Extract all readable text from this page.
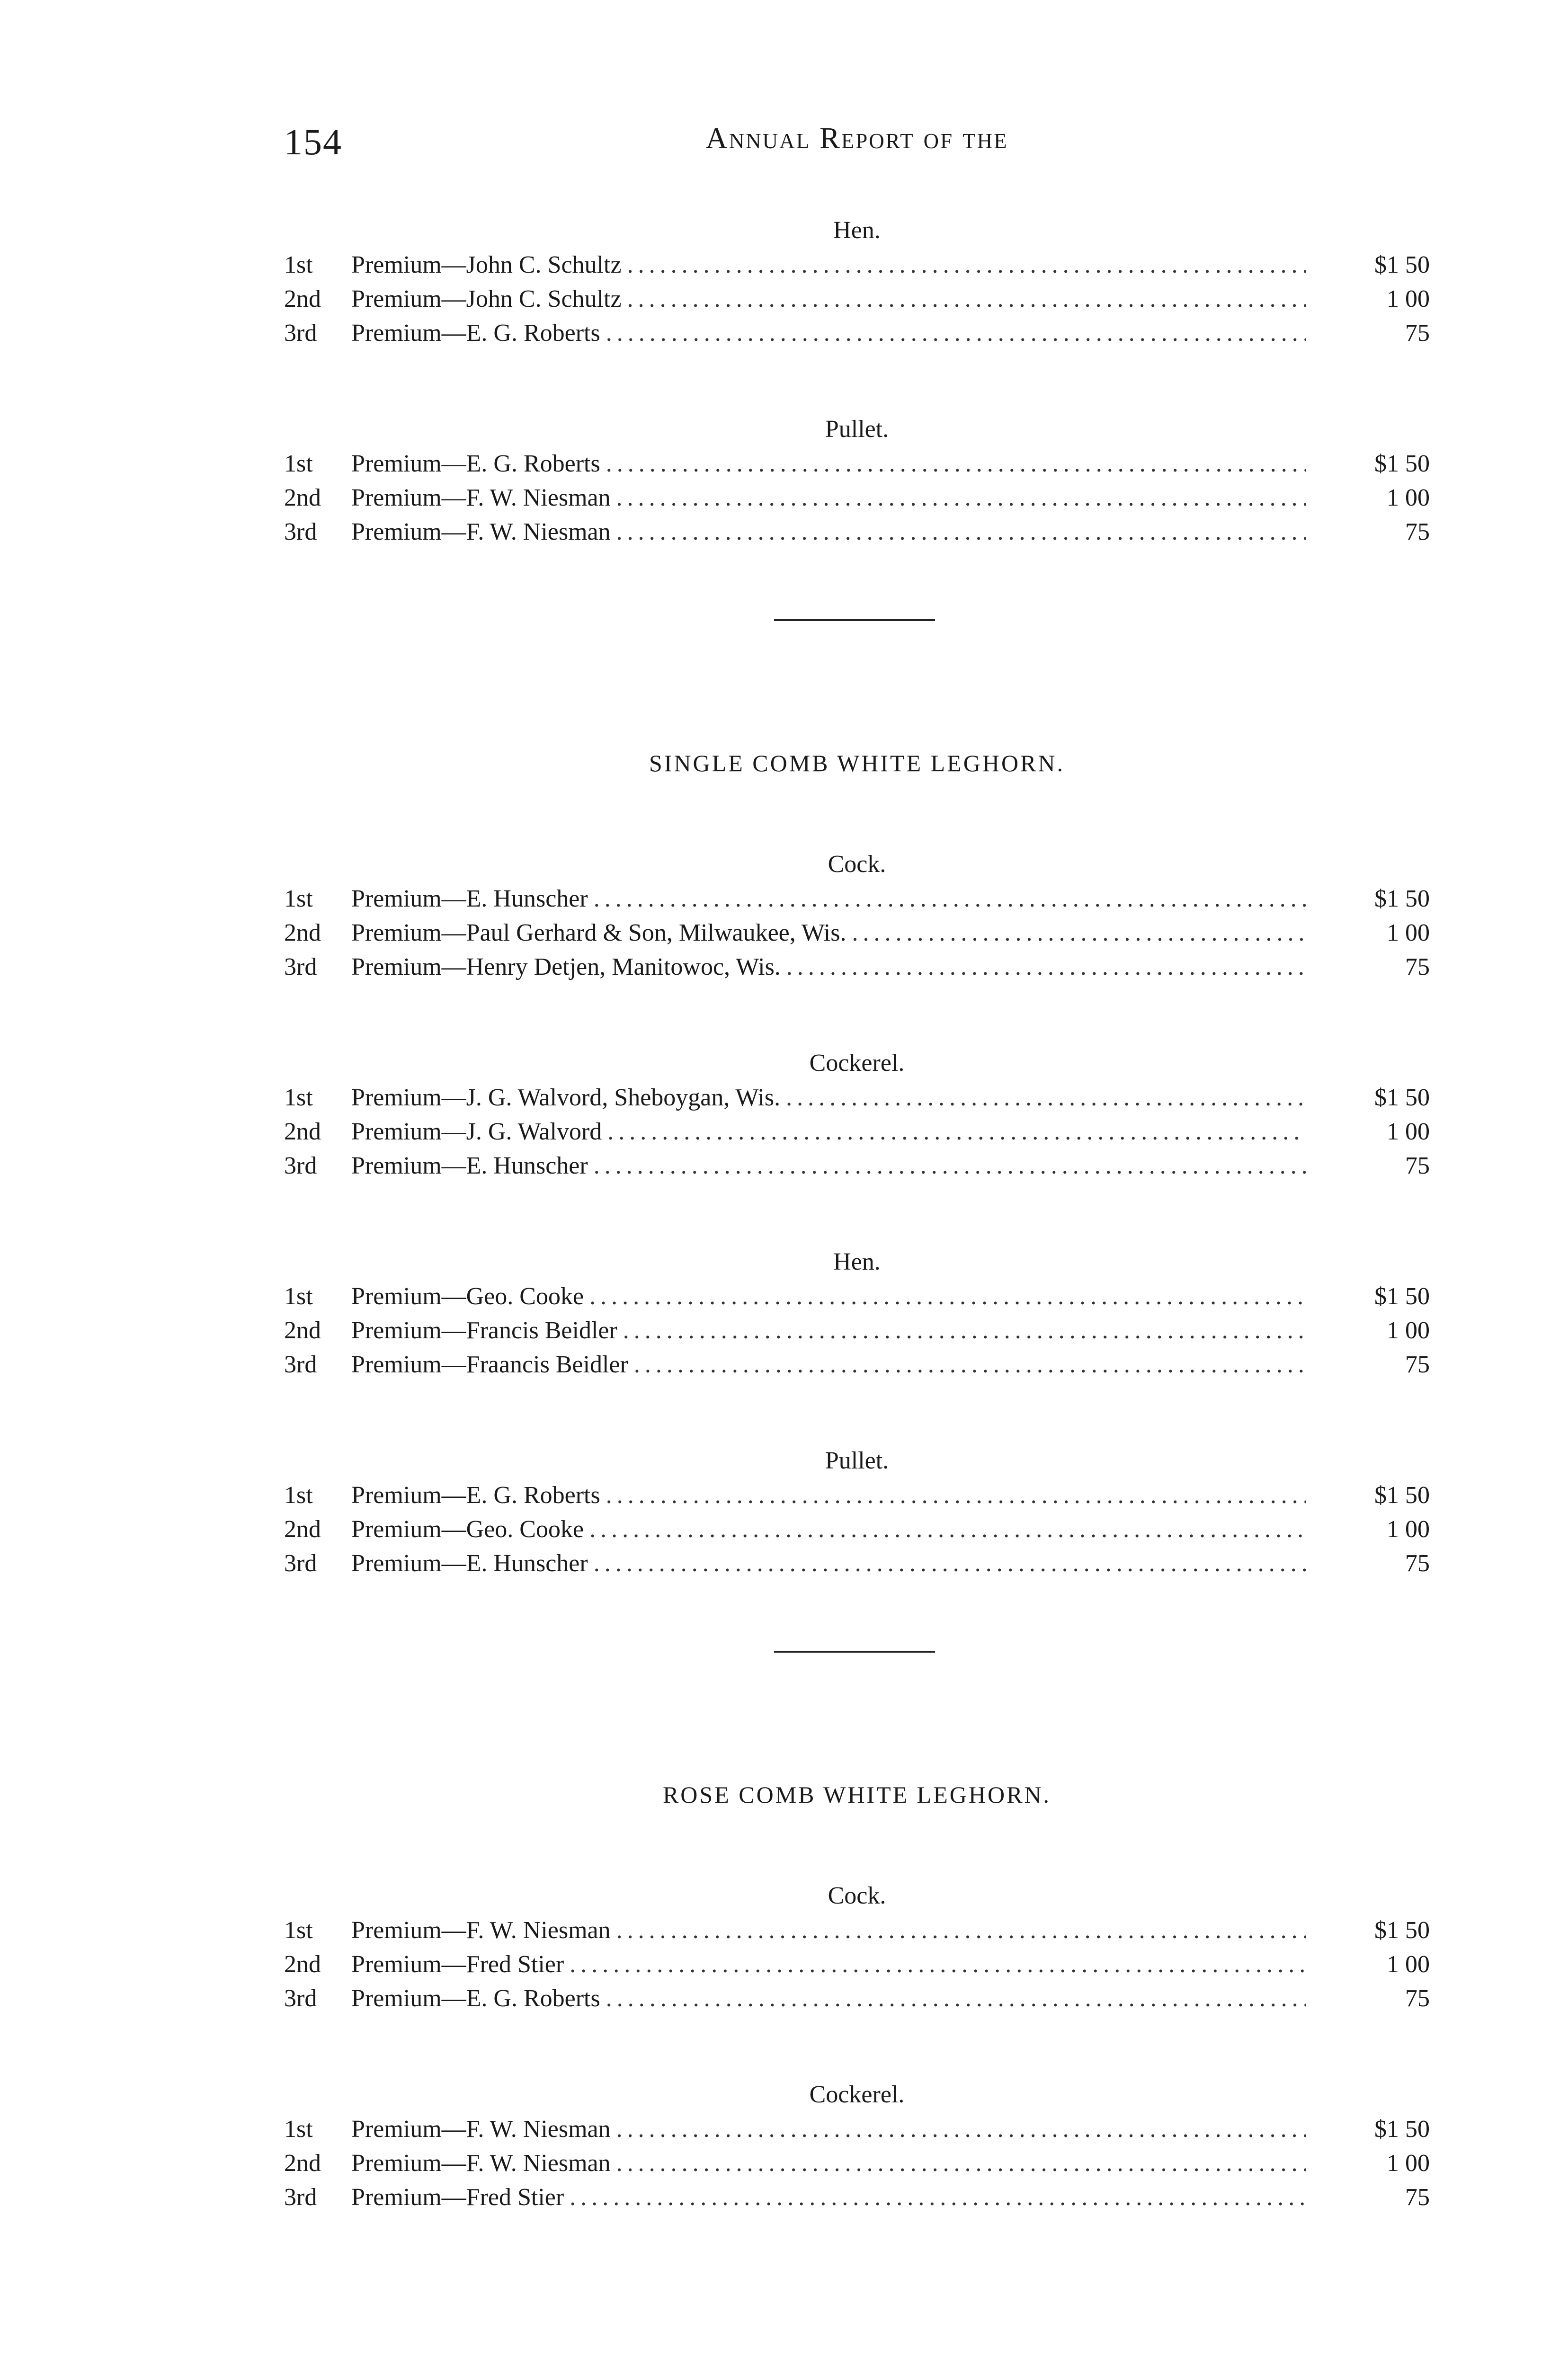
154	Annual Report of the
Hen.
1st	Premium—John C. Schultz .....	$1 50
2nd	Premium—John C. Schultz .....	1 00
3rd	Premium—E. G. Roberts .....	75
Pullet.
1st	Premium—E. G. Roberts .....	$1 50
2nd	Premium—F. W. Niesman .....	1 00
3rd	Premium—F. W. Niesman .....	75
SINGLE COMB WHITE LEGHORN.
Cock.
1st	Premium—E. Hunscher .....	$1 50
2nd	Premium—Paul Gerhard & Son, Milwaukee, Wis. .....	1 00
3rd	Premium—Henry Detjen, Manitowoc, Wis. .....	75
Cockerel.
1st	Premium—J. G. Walvord, Sheboygan, Wis. .....	$1 50
2nd	Premium—J. G. Walvord .....	1 00
3rd	Premium—E. Hunscher .....	75
Hen.
1st	Premium—Geo. Cooke .....	$1 50
2nd	Premium—Francis Beidler .....	1 00
3rd	Premium—Fraancis Beidler .....	75
Pullet.
1st	Premium—E. G. Roberts .....	$1 50
2nd	Premium—Geo. Cooke .....	1 00
3rd	Premium—E. Hunscher .....	75
ROSE COMB WHITE LEGHORN.
Cock.
1st	Premium—F. W. Niesman .....	$1 50
2nd	Premium—Fred Stier .....	1 00
3rd	Premium—E. G. Roberts .....	75
Cockerel.
1st	Premium—F. W. Niesman .....	$1 50
2nd	Premium—F. W. Niesman .....	1 00
3rd	Premium—Fred Stier .....	75
